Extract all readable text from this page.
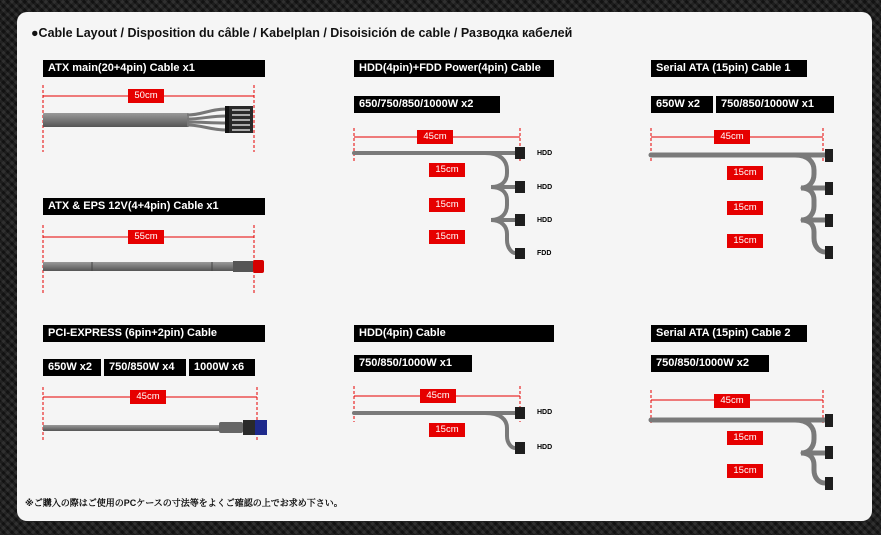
●Cable Layout / Disposition du câble / Kabelplan / Disoisición de cable / Разводка кабелей

ATX main(20+4pin) Cable x1
50cm
ATX & EPS 12V(4+4pin) Cable x1
55cm
PCI-EXPRESS (6pin+2pin) Cable
650W x2	750/850W x4	1000W x6
45cm
HDD(4pin)+FDD Power(4pin) Cable
650/750/850/1000W x2
45cm
15cm
15cm
15cm
HDD
HDD
HDD
FDD
HDD(4pin) Cable
750/850/1000W x1
45cm
15cm
HDD
HDD
Serial ATA (15pin) Cable 1
650W x2	750/850/1000W x1
45cm
15cm
15cm
15cm
Serial ATA (15pin) Cable 2
750/850/1000W x2
45cm
15cm
15cm

※ご購入の際はご使用のPCケースの寸法等をよくご確認の上でお求め下さい。
